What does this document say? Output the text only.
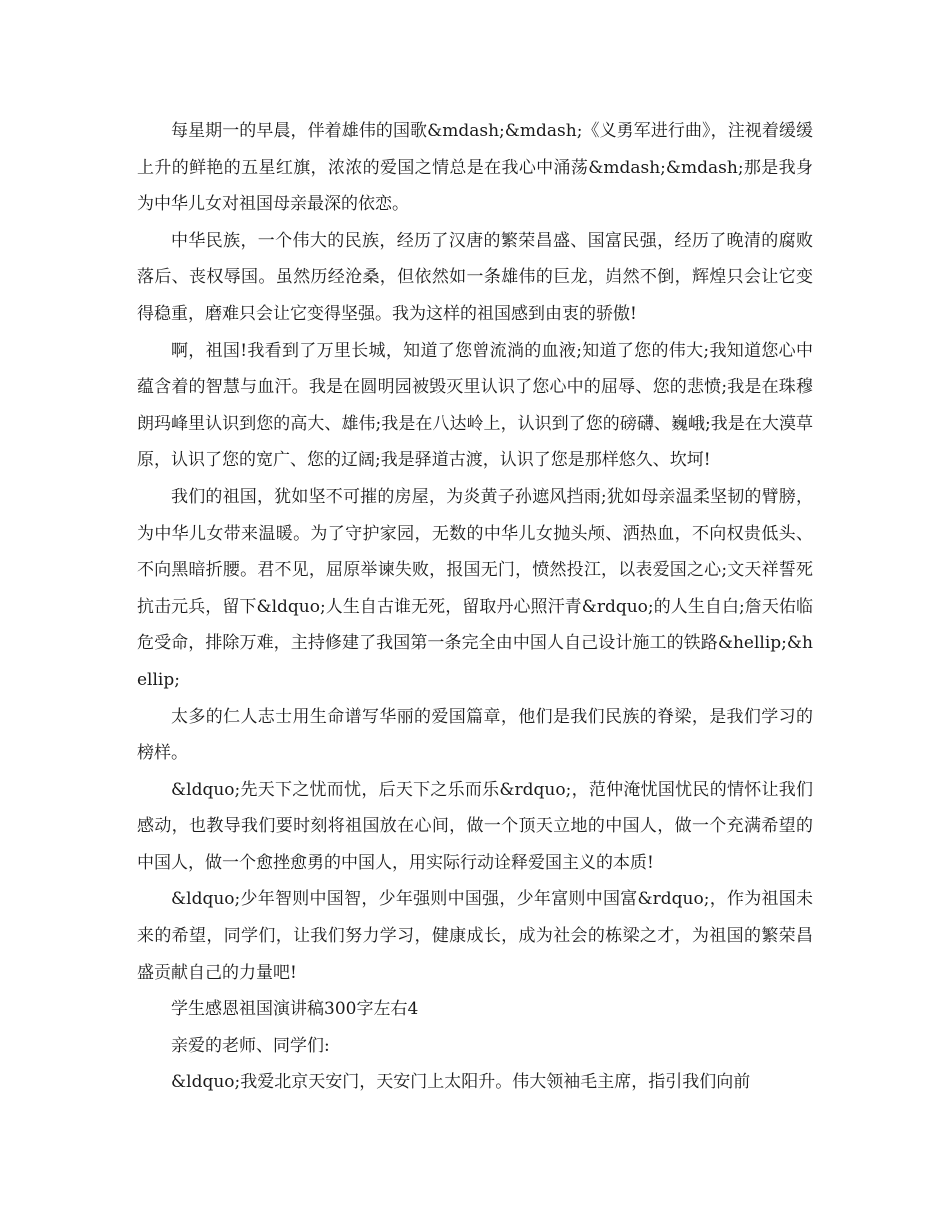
每星期一的早晨，伴着雄伟的国歌&mdash;&mdash;《义勇军进行曲》，注视着缓缓上升的鲜艳的五星红旗，浓浓的爱国之情总是在我心中涌荡&mdash;&mdash;那是我身为中华儿女对祖国母亲最深的依恋。

中华民族，一个伟大的民族，经历了汉唐的繁荣昌盛、国富民强，经历了晚清的腐败落后、丧权辱国。虽然历经沧桑，但依然如一条雄伟的巨龙，岿然不倒，辉煌只会让它变得稳重，磨难只会让它变得坚强。我为这样的祖国感到由衷的骄傲!

啊，祖国!我看到了万里长城，知道了您曾流淌的血液;知道了您的伟大;我知道您心中蕴含着的智慧与血汗。我是在圆明园被毁灭里认识了您心中的屈辱、您的悲愤;我是在珠穆朗玛峰里认识到您的高大、雄伟;我是在八达岭上，认识到了您的磅礴、巍峨;我是在大漠草原，认识了您的宽广、您的辽阔;我是驿道古渡，认识了您是那样悠久、坎坷!

我们的祖国，犹如坚不可摧的房屋，为炎黄子孙遮风挡雨;犹如母亲温柔坚韧的臂膀，为中华儿女带来温暖。为了守护家园，无数的中华儿女抛头颅、洒热血，不向权贵低头、不向黑暗折腰。君不见，屈原举谏失败，报国无门，愤然投江，以表爱国之心;文天祥誓死抗击元兵，留下&ldquo;人生自古谁无死，留取丹心照汗青&rdquo;的人生自白;詹天佑临危受命，排除万难，主持修建了我国第一条完全由中国人自己设计施工的铁路&hellip;&hellip;

太多的仁人志士用生命谱写华丽的爱国篇章，他们是我们民族的脊梁，是我们学习的榜样。

&ldquo;先天下之忧而忧，后天下之乐而乐&rdquo;，范仲淹忧国忧民的情怀让我们感动，也教导我们要时刻将祖国放在心间，做一个顶天立地的中国人，做一个充满希望的中国人，做一个愈挫愈勇的中国人，用实际行动诠释爱国主义的本质!

&ldquo;少年智则中国智，少年强则中国强，少年富则中国富&rdquo;，作为祖国未来的希望，同学们，让我们努力学习，健康成长，成为社会的栋梁之才，为祖国的繁荣昌盛贡献自己的力量吧!

学生感恩祖国演讲稿300字左右4

亲爱的老师、同学们:

&ldquo;我爱北京天安门，天安门上太阳升。伟大领袖毛主席，指引我们向前
